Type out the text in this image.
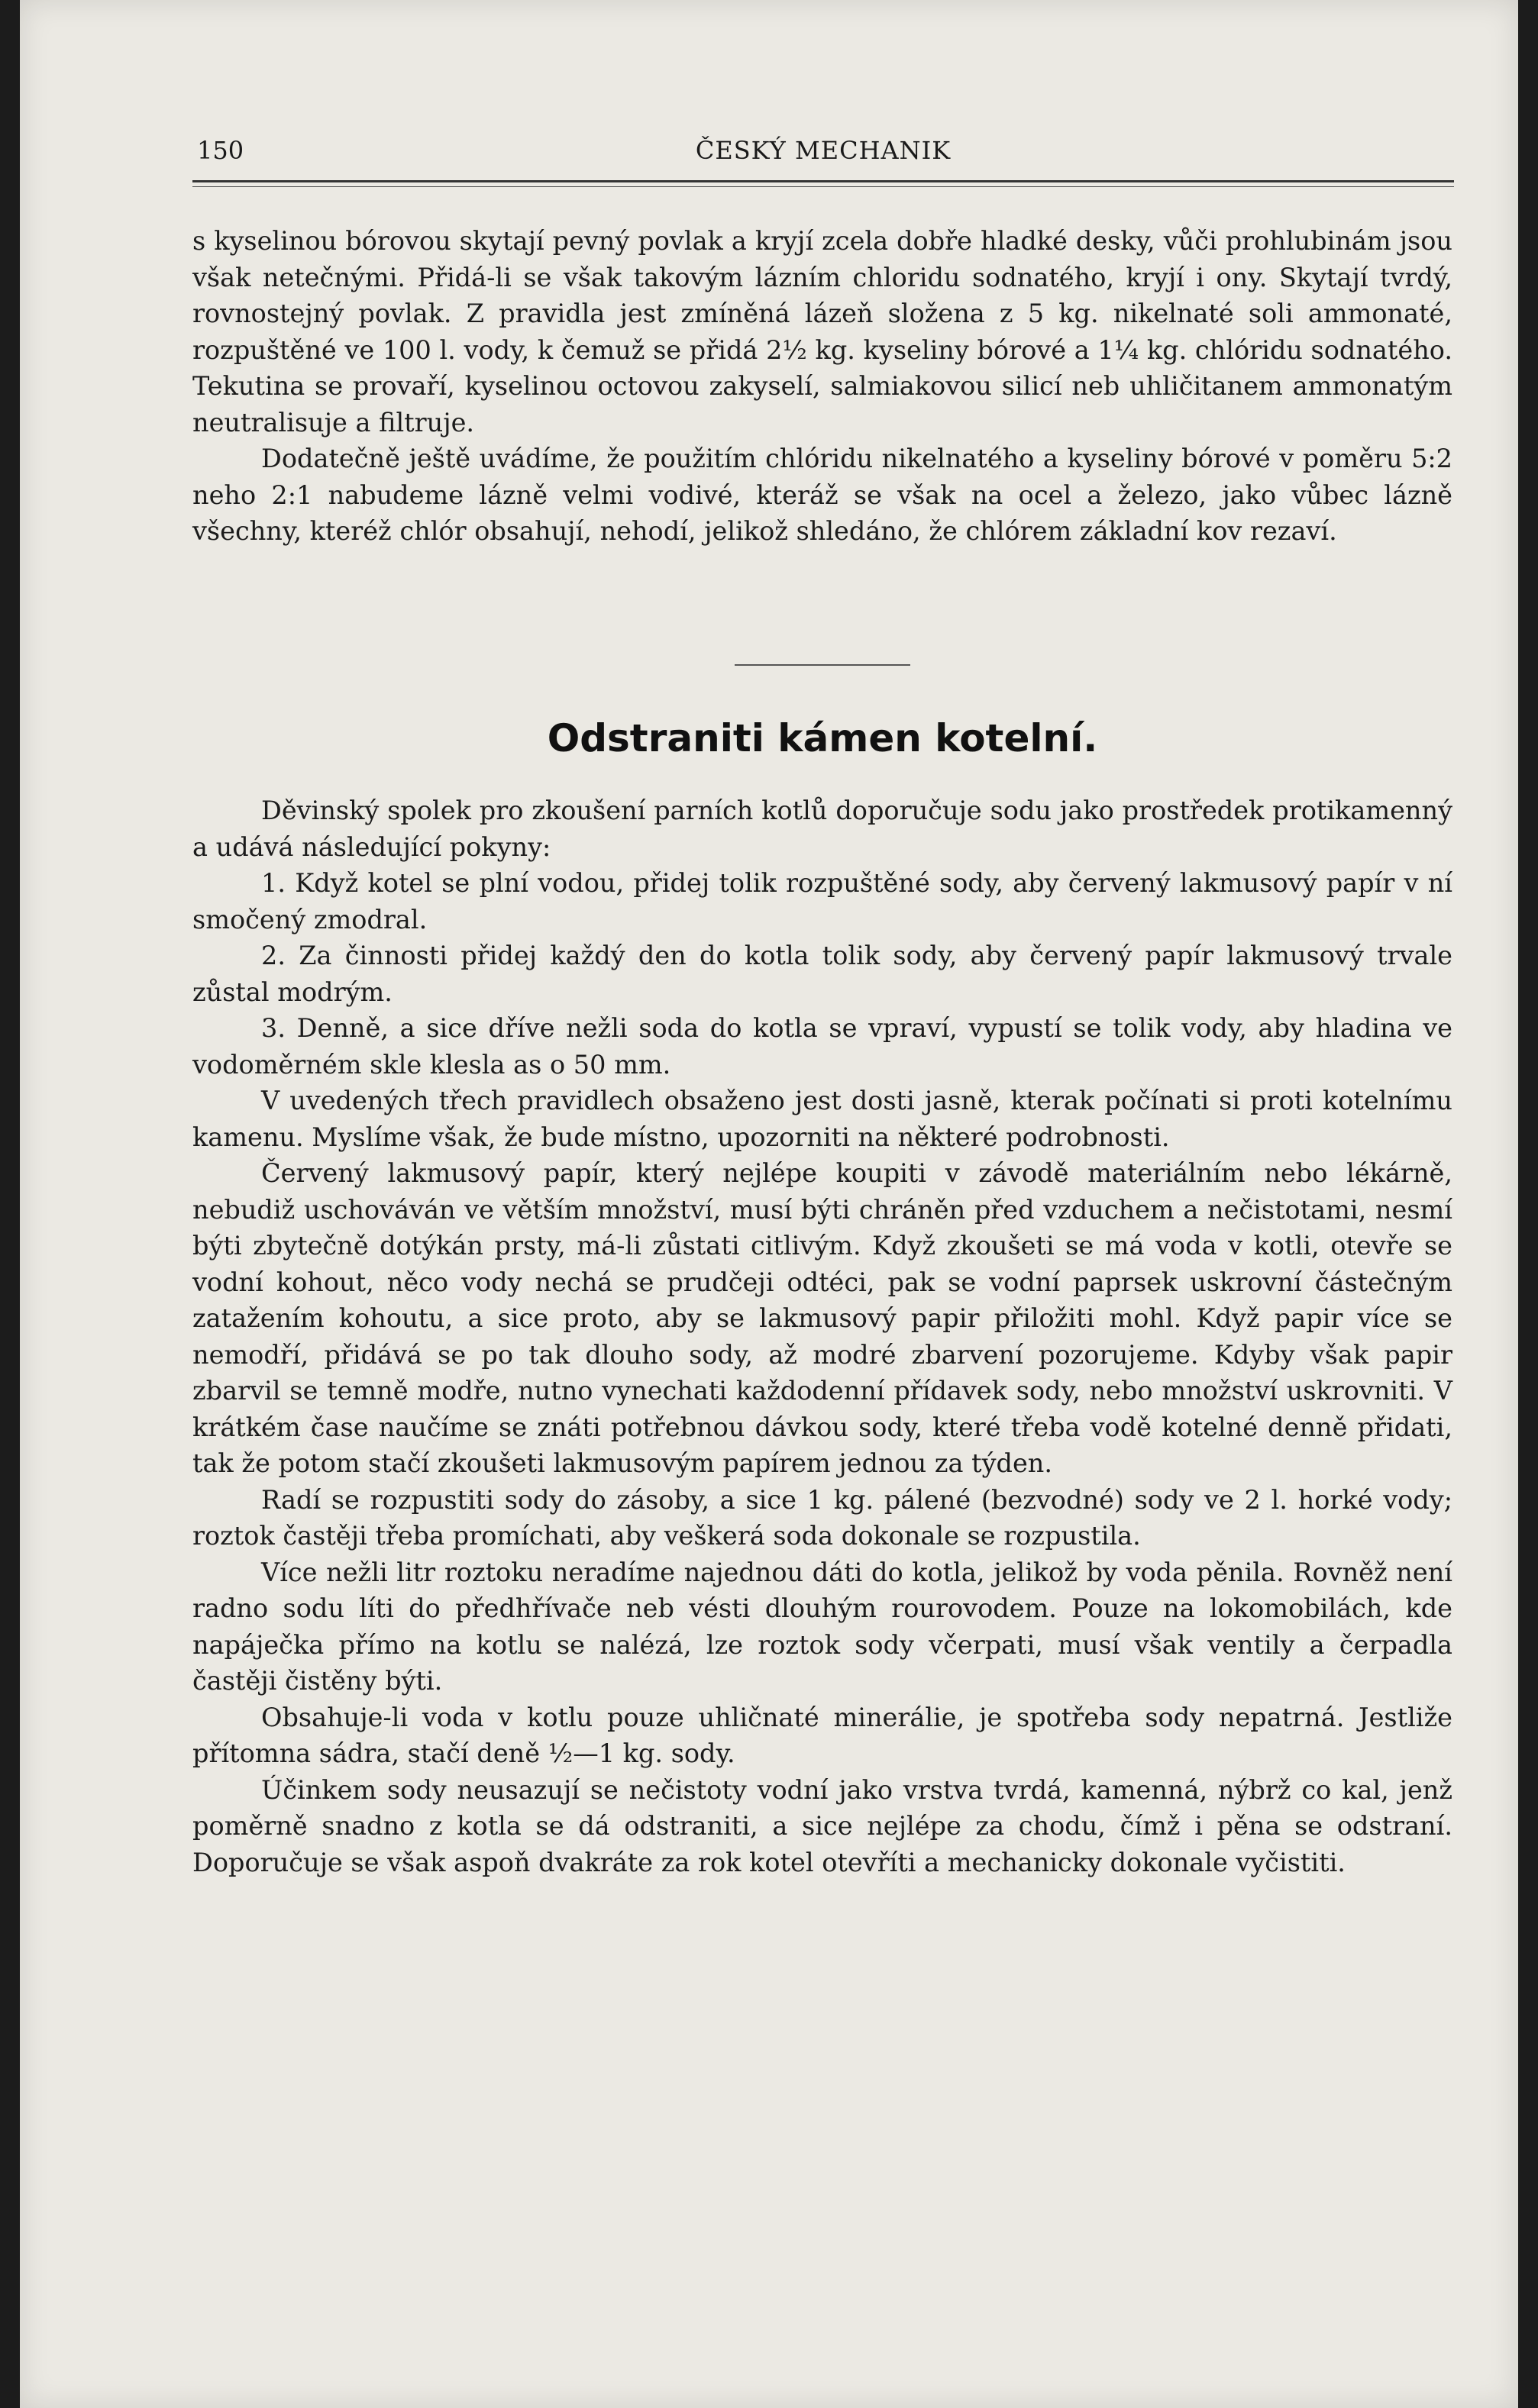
150	ČESKÝ MECHANIK

s kyselinou bórovou skytají pevný povlak a kryjí zcela dobře hladké desky, vůči prohlubinám jsou však netečnými. Přidá-li se však takovým lázním chloridu sodnatého, kryjí i ony. Skytají tvrdý, rovnostejný povlak. Z pravidla jest zmíněná lázeň složena z 5 kg. nikelnaté soli ammonaté, rozpuštěné ve 100 l. vody, k čemuž se přidá 2½ kg. kyseliny bórové a 1¼ kg. chlóridu sodnatého. Tekutina se provaří, kyselinou octovou zakyselí, salmiakovou silicí neb uhličitanem ammonatým neutralisuje a filtruje.

Dodatečně ještě uvádíme, že použitím chlóridu nikelnatého a kyseliny bórové v poměru 5:2 neho 2:1 nabudeme lázně velmi vodivé, kteráž se však na ocel a železo, jako vůbec lázně všechny, kteréž chlór obsahují, nehodí, jelikož shledáno, že chlórem základní kov rezaví.

Odstraniti kámen kotelní.

Děvinský spolek pro zkoušení parních kotlů doporučuje sodu jako prostředek protikamenný a udává následující pokyny:

1. Když kotel se plní vodou, přidej tolik rozpuštěné sody, aby červený lakmusový papír v ní smočený zmodral.

2. Za činnosti přidej každý den do kotla tolik sody, aby červený papír lakmusový trvale zůstal modrým.

3. Denně, a sice dříve nežli soda do kotla se vpraví, vypustí se tolik vody, aby hladina ve vodoměrném skle klesla as o 50 mm.

V uvedených třech pravidlech obsaženo jest dosti jasně, kterak počínati si proti kotelnímu kamenu. Myslíme však, že bude místno, upozorniti na některé podrobnosti.

Červený lakmusový papír, který nejlépe koupiti v závodě materiálním nebo lékárně, nebudiž uschováván ve větším množství, musí býti chráněn před vzduchem a nečistotami, nesmí býti zbytečně dotýkán prsty, má-li zůstati citlivým. Když zkoušeti se má voda v kotli, otevře se vodní kohout, něco vody nechá se prudčeji odtéci, pak se vodní paprsek uskrovní částečným zatažením kohoutu, a sice proto, aby se lakmusový papir přiložiti mohl. Když papir více se nemodří, přidává se po tak dlouho sody, až modré zbarvení pozorujeme. Kdyby však papir zbarvil se temně modře, nutno vynechati každodenní přídavek sody, nebo množství uskrovniti. V krátkém čase naučíme se znáti potřebnou dávkou sody, které třeba vodě kotelné denně přidati, tak že potom stačí zkoušeti lakmusovým papírem jednou za týden.

Radí se rozpustiti sody do zásoby, a sice 1 kg. pálené (bezvodné) sody ve 2 l. horké vody; roztok častěji třeba promíchati, aby veškerá soda dokonale se rozpustila.

Více nežli litr roztoku neradíme najednou dáti do kotla, jelikož by voda pěnila. Rovněž není radno sodu líti do předhřívače neb vésti dlouhým rourovodem. Pouze na lokomobilách, kde napáječka přímo na kotlu se nalézá, lze roztok sody včerpati, musí však ventily a čerpadla častěji čistěny býti.

Obsahuje-li voda v kotlu pouze uhličnaté minerálie, je spotřeba sody nepatrná. Jestliže přítomna sádra, stačí deně ½—1 kg. sody.

Účinkem sody neusazují se nečistoty vodní jako vrstva tvrdá, kamenná, nýbrž co kal, jenž poměrně snadno z kotla se dá odstraniti, a sice nejlépe za chodu, čímž i pěna se odstraní. Doporučuje se však aspoň dvakráte za rok kotel otevříti a mechanicky dokonale vyčistiti.
